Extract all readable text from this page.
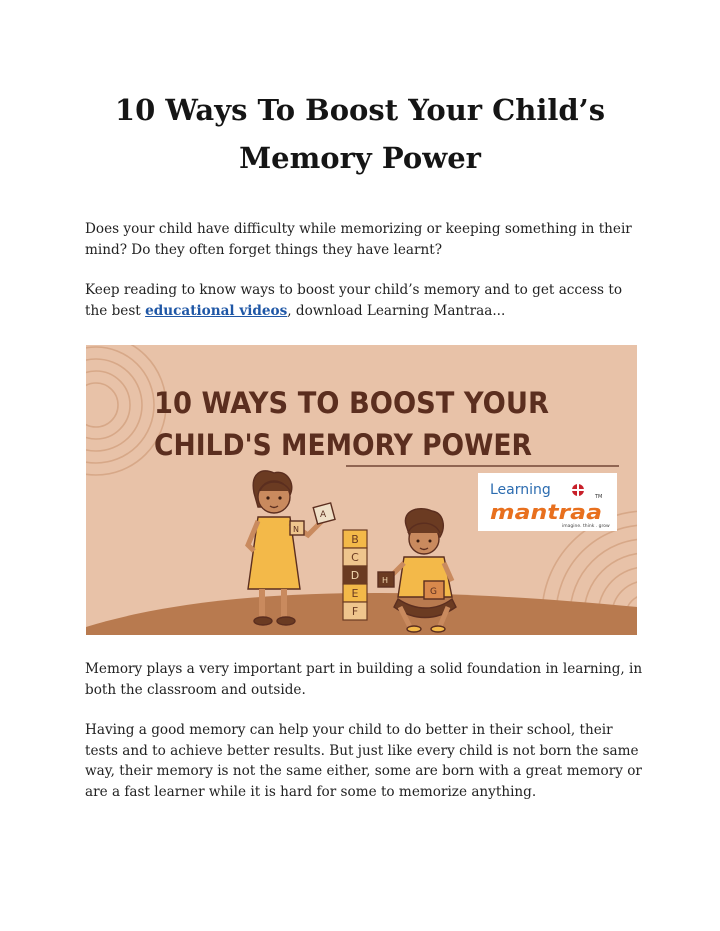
10 Ways To Boost Your Child’s Memory Power

Does your child have difficulty while memorizing or keeping something in their mind? Do they often forget things they have learnt?

Keep reading to know ways to boost your child’s memory and to get access to the best educational videos, download Learning Mantraa...

10 WAYS TO BOOST YOUR
CHILD'S MEMORY POWER
Learning	TM
mantraa
imagine. think . grow
B
C
D
E
F
A
N
H
G

Memory plays a very important part in building a solid foundation in learning, in both the classroom and outside.

Having a good memory can help your child to do better in their school, their tests and to achieve better results. But just like every child is not born the same way, their memory is not the same either, some are born with a great memory or are a fast learner while it is hard for some to memorize anything.
